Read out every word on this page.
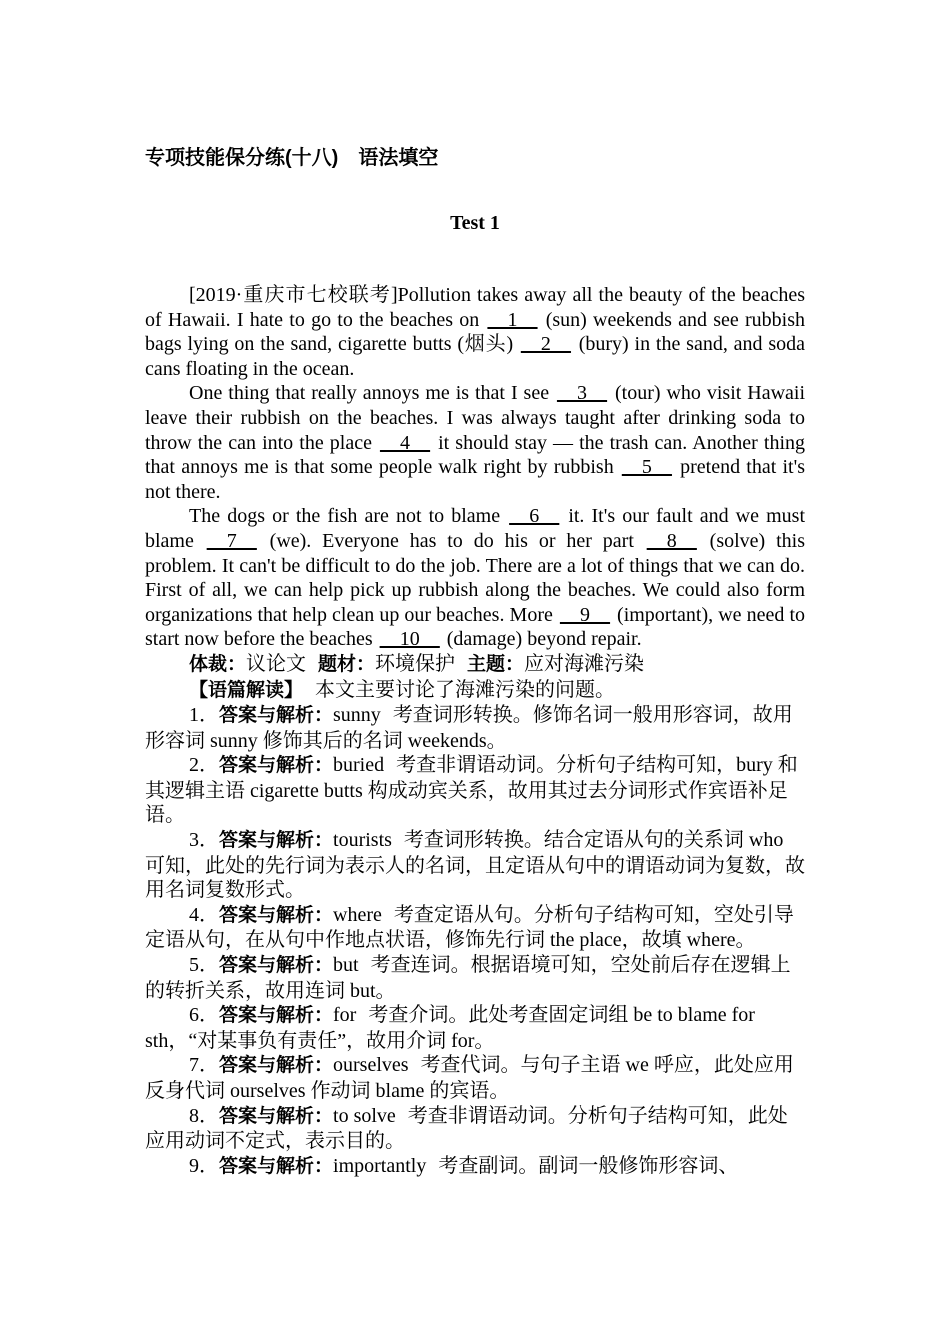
专项技能保分练(十八)　语法填空
Test 1

[2019·重庆市七校联考]Pollution takes away all the beauty of the beaches of Hawaii. I hate to go to the beaches on __1__ (sun) weekends and see rubbish bags lying on the sand, cigarette butts (烟头) __2__ (bury) in the sand, and soda cans floating in the ocean.

One thing that really annoys me is that I see __3__ (tour) who visit Hawaii leave their rubbish on the beaches. I was always taught after drinking soda to throw the can into the place __4__ it should stay — the trash can. Another thing that annoys me is that some people walk right by rubbish __5__ pretend that it's not there.

The dogs or the fish are not to blame __6__ it. It's our fault and we must blame __7__ (we). Everyone has to do his or her part __8__ (solve) this problem. It can't be difficult to do the job. There are a lot of things that we can do. First of all, we can help pick up rubbish along the beaches. We could also form organizations that help clean up our beaches. More __9__ (important), we need to start now before the beaches __10__ (damage) beyond repair.

体裁：议论文 题材：环境保护 主题：应对海滩污染

【语篇解读】 本文主要讨论了海滩污染的问题。

1．答案与解析：sunny 考查词形转换。修饰名词一般用形容词，故用形容词 sunny 修饰其后的名词 weekends。

2．答案与解析：buried 考查非谓语动词。分析句子结构可知，bury 和其逻辑主语 cigarette butts 构成动宾关系，故用其过去分词形式作宾语补足语。

3．答案与解析：tourists 考查词形转换。结合定语从句的关系词 who 可知，此处的先行词为表示人的名词，且定语从句中的谓语动词为复数，故用名词复数形式。

4．答案与解析：where 考查定语从句。分析句子结构可知，空处引导定语从句，在从句中作地点状语，修饰先行词 the place，故填 where。

5．答案与解析：but 考查连词。根据语境可知，空处前后存在逻辑上的转折关系，故用连词 but。

6．答案与解析：for 考查介词。此处考查固定词组 be to blame for sth，“对某事负有责任”，故用介词 for。

7．答案与解析：ourselves 考查代词。与句子主语 we 呼应，此处应用反身代词 ourselves 作动词 blame 的宾语。

8．答案与解析：to solve 考查非谓语动词。分析句子结构可知，此处应用动词不定式，表示目的。

9．答案与解析：importantly 考查副词。副词一般修饰形容词、
